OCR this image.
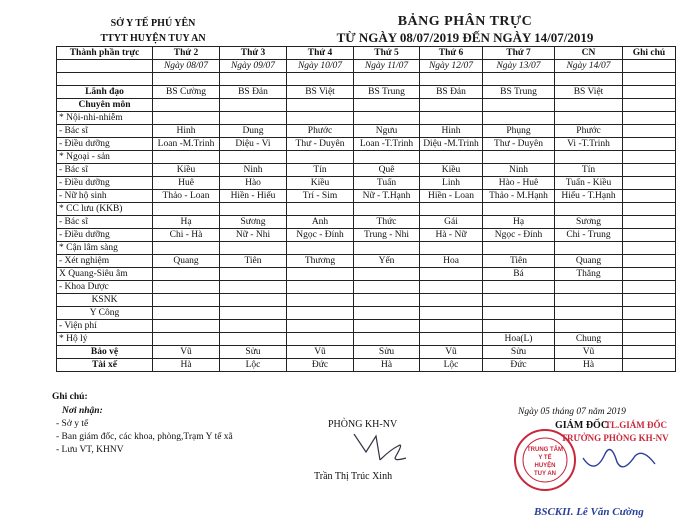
SỞ Y TẾ PHÚ YÊN
TTYT HUYỆN TUY AN
BẢNG PHÂN TRỰC
TỪ NGÀY 08/07/2019 ĐẾN NGÀY 14/07/2019
Thành phần trực	Thứ 2	Thứ 3	Thứ 4	Thứ 5	Thứ 6	Thứ 7	CN	Ghi chú
	Ngày 08/07	Ngày 09/07	Ngày 10/07	Ngày 11/07	Ngày 12/07	Ngày 13/07	Ngày 14/07	

Lãnh đạo	BS Cường	BS Đản	BS Việt	BS Trung	BS Đản	BS Trung	BS Việt	
Chuyên môn								
* Nội-nhi-nhiễm								
- Bác sĩ	Hinh	Dung	Phước	Ngưu	Hinh	Phụng	Phước	
- Điều dưỡng	Loan -M.Trinh	Diệu - Vi	Thư - Duyên	Loan -T.Trinh	Diệu -M.Trinh	Thư - Duyên	Vi -T.Trinh	
* Ngoại - sản								
- Bác sĩ	Kiều	Ninh	Tín	Quê	Kiều	Ninh	Tín	
- Điều dưỡng	Huê	Hào	Kiều	Tuấn	Linh	Hào - Huê	Tuấn - Kiều	
- Nữ hộ sinh	Thảo - Loan	Hiền - Hiếu	Trí - Sim	Nữ - T.Hạnh	Hiền - Loan	Thảo - M.Hạnh	Hiếu - T.Hạnh	
* CC lưu (KKB)								
- Bác sĩ	Hạ	Sương	Anh	Thức	Gái	Hạ	Sương	
- Điều dưỡng	Chi - Hà	Nữ - Nhi	Ngọc - Đính	Trung - Nhi	Hà - Nữ	Ngọc - Đính	Chi - Trung	
* Cận lâm sàng								
- Xét nghiệm	Quang	Tiên	Thương	Yến	Hoa	Tiên	Quang	
X Quang-Siêu âm						Bá	Thăng	
- Khoa Dược								
KSNK								
Y Công								
- Viện phí								
* Hộ lý						Hoa(L)	Chung	
Bảo vệ	Vũ	Sửu	Vũ	Sửu	Vũ	Sửu	Vũ	
Tài xế	Hà	Lộc	Đức	Hà	Lộc	Đức	Hà	
Ghi chú:
Nơi nhận:
- Sở y tế
- Ban giám đốc, các khoa, phòng,Trạm Y tế xã
- Lưu VT, KHNV
PHÒNG KH-NV
Trần Thị Trúc Xinh
Ngày 05 tháng 07 năm 2019
TRUNG TÂM
Y TẾ
HUYỆN
TUY AN
TL.GIÁM ĐỐC
TRƯỞNG PHÒNG KH-NV
GIÁM ĐỐC
BSCKII. Lê Văn Cường
